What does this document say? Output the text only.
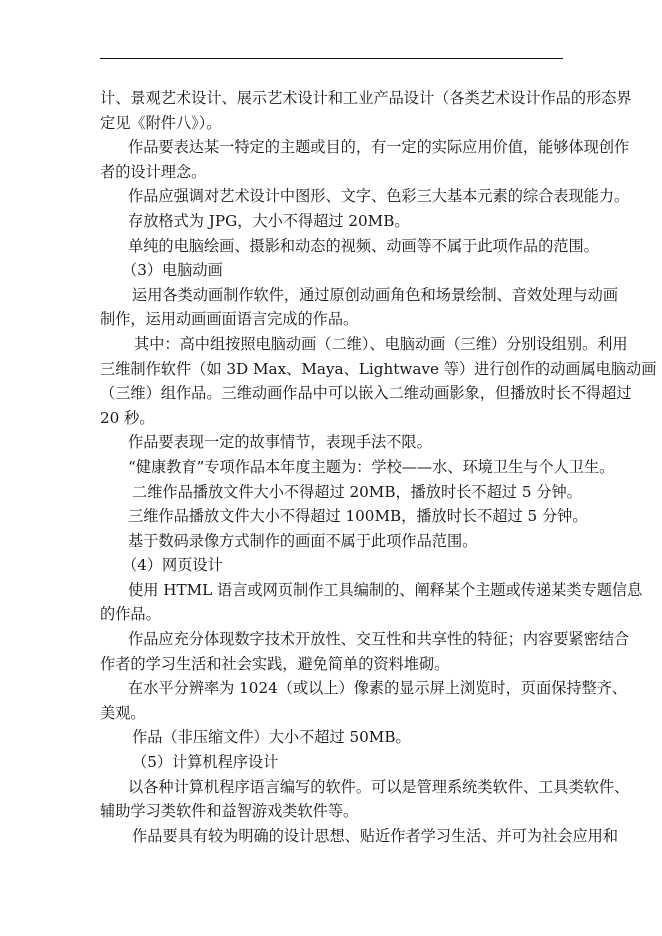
计、景观艺术设计、展示艺术设计和工业产品设计（各类艺术设计作品的形态界
定见《附件八》）。
作品要表达某一特定的主题或目的，有一定的实际应用价值，能够体现创作
者的设计理念。
作品应强调对艺术设计中图形、文字、色彩三大基本元素的综合表现能力。
存放格式为 JPG，大小不得超过 20MB。
单纯的电脑绘画、摄影和动态的视频、动画等不属于此项作品的范围。
（3）电脑动画
运用各类动画制作软件，通过原创动画角色和场景绘制、音效处理与动画
制作，运用动画画面语言完成的作品。
其中：高中组按照电脑动画（二维）、电脑动画（三维）分别设组别。利用
三维制作软件（如 3D Max、Maya、Lightwave 等）进行创作的动画属电脑动画
（三维）组作品。三维动画作品中可以嵌入二维动画影象，但播放时长不得超过
20 秒。
作品要表现一定的故事情节，表现手法不限。
“健康教育”专项作品本年度主题为：学校——水、环境卫生与个人卫生。
二维作品播放文件大小不得超过 20MB，播放时长不超过 5 分钟。
三维作品播放文件大小不得超过 100MB，播放时长不超过 5 分钟。
基于数码录像方式制作的画面不属于此项作品范围。
（4）网页设计
使用 HTML 语言或网页制作工具编制的、阐释某个主题或传递某类专题信息
的作品。
作品应充分体现数字技术开放性、交互性和共享性的特征；内容要紧密结合
作者的学习生活和社会实践，避免简单的资料堆砌。
在水平分辨率为 1024（或以上）像素的显示屏上浏览时，页面保持整齐、
美观。
作品（非压缩文件）大小不超过 50MB。
（5）计算机程序设计
以各种计算机程序语言编写的软件。可以是管理系统类软件、工具类软件、
辅助学习类软件和益智游戏类软件等。
作品要具有较为明确的设计思想、贴近作者学习生活、并可为社会应用和
